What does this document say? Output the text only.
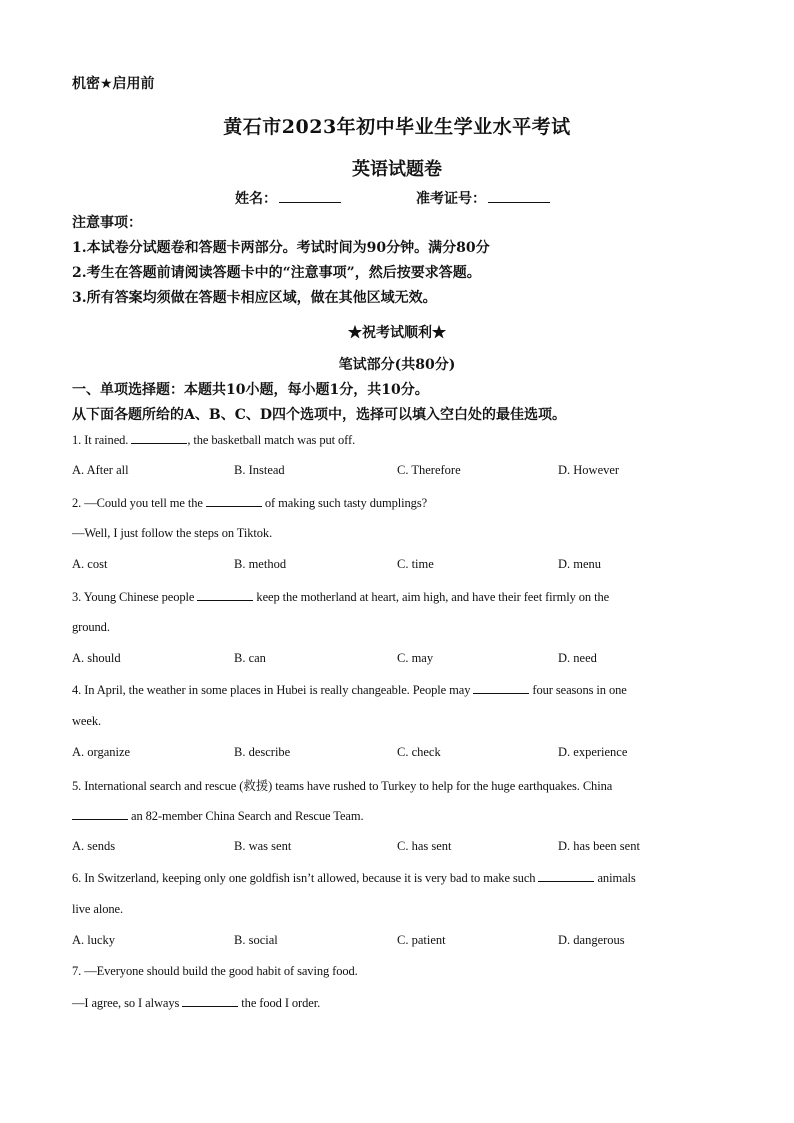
机密★启用前
黄石市2023年初中毕业生学业水平考试
英语试题卷
姓名：	准考证号：
注意事项：
1.本试卷分试题卷和答题卡两部分。考试时间为90分钟。满分80分
2.考生在答题前请阅读答题卡中的“注意事项”，然后按要求答题。
3.所有答案均须做在答题卡相应区域，做在其他区域无效。
★祝考试顺利★
笔试部分(共80分)
一、单项选择题：本题共10小题，每小题1分，共10分。
从下面各题所给的A、B、C、D四个选项中，选择可以填入空白处的最佳选项。
1. It rained.	, the basketball match was put off.
A. After all	B. Instead	C. Therefore	D. However
2. —Could you tell me the	of making such tasty dumplings?
—Well, I just follow the steps on Tiktok.
A. cost	B. method	C. time	D. menu
3. Young Chinese people	keep the motherland at heart, aim high, and have their feet firmly on the
ground.
A. should	B. can	C. may	D. need
4. In April, the weather in some places in Hubei is really changeable. People may	four seasons in one
week.
A. organize	B. describe	C. check	D. experience
5. International search and rescue (救援) teams have rushed to Turkey to help for the huge earthquakes. China
an 82-member China Search and Rescue Team.
A. sends	B. was sent	C. has sent	D. has been sent
6. In Switzerland, keeping only one goldfish isn’t allowed, because it is very bad to make such	animals
live alone.
A. lucky	B. social	C. patient	D. dangerous
7. —Everyone should build the good habit of saving food.
—I agree, so I always	the food I order.
